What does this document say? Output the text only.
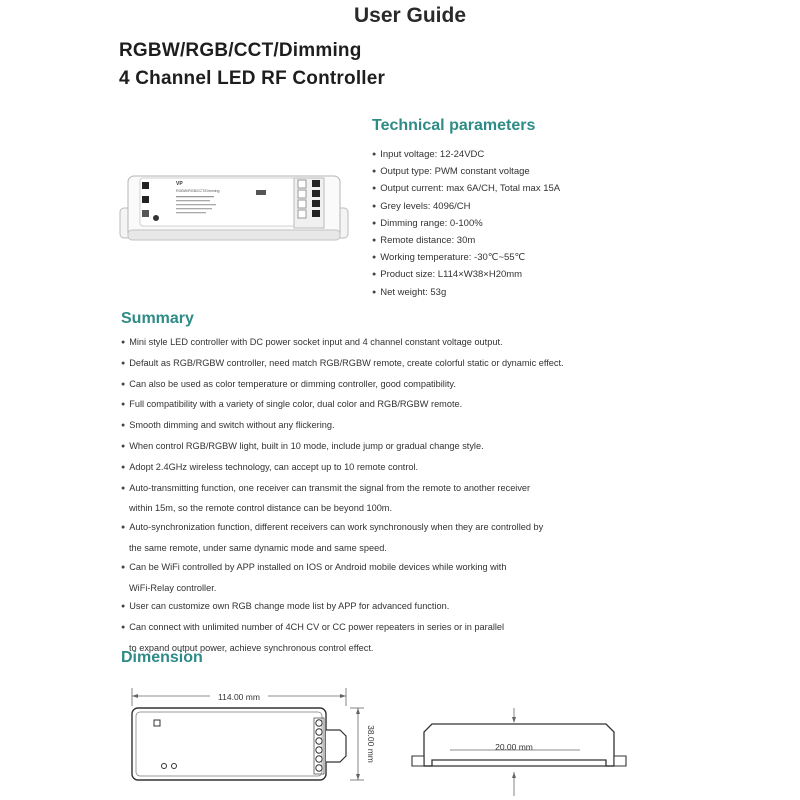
User Guide
RGBW/RGB/CCT/Dimming
4 Channel LED RF Controller
VP
RGBW/RGB/CCT/Dimming
Technical parameters
● Input voltage: 12-24VDC
● Output type: PWM constant voltage
● Output current: max 6A/CH, Total max 15A
● Grey levels: 4096/CH
● Dimming range: 0-100%
● Remote distance: 30m
● Working temperature: -30℃~55℃
● Product size: L114×W38×H20mm
● Net weight: 53g
Summary
● Mini style LED controller with DC power socket input and 4 channel constant voltage output.
● Default as RGB/RGBW controller, need match RGB/RGBW remote, create colorful static or dynamic effect.
● Can also be used as color temperature or dimming controller, good compatibility.
● Full compatibility with a variety of single color, dual color and RGB/RGBW remote.
● Smooth dimming and switch without any flickering.
● When control RGB/RGBW light, built in 10 mode, include jump or gradual change style.
● Adopt 2.4GHz wireless technology, can accept up to 10 remote control.
● Auto-transmitting function, one receiver can transmit the signal from the remote to another receiver
within 15m, so the remote control distance can be beyond 100m.
● Auto-synchronization function, different receivers can work synchronously when they are controlled by
the same remote, under same dynamic mode and same speed.
● Can be WiFi controlled by APP installed on IOS or Android mobile devices while working with
WiFi-Relay controller.
● User can customize own RGB change mode list by APP for advanced function.
● Can connect with unlimited number of 4CH CV or CC power repeaters in series or in parallel
to expand output power, achieve synchronous control effect.
Dimension
114.00 mm
38.00 mm	20.00 mm
